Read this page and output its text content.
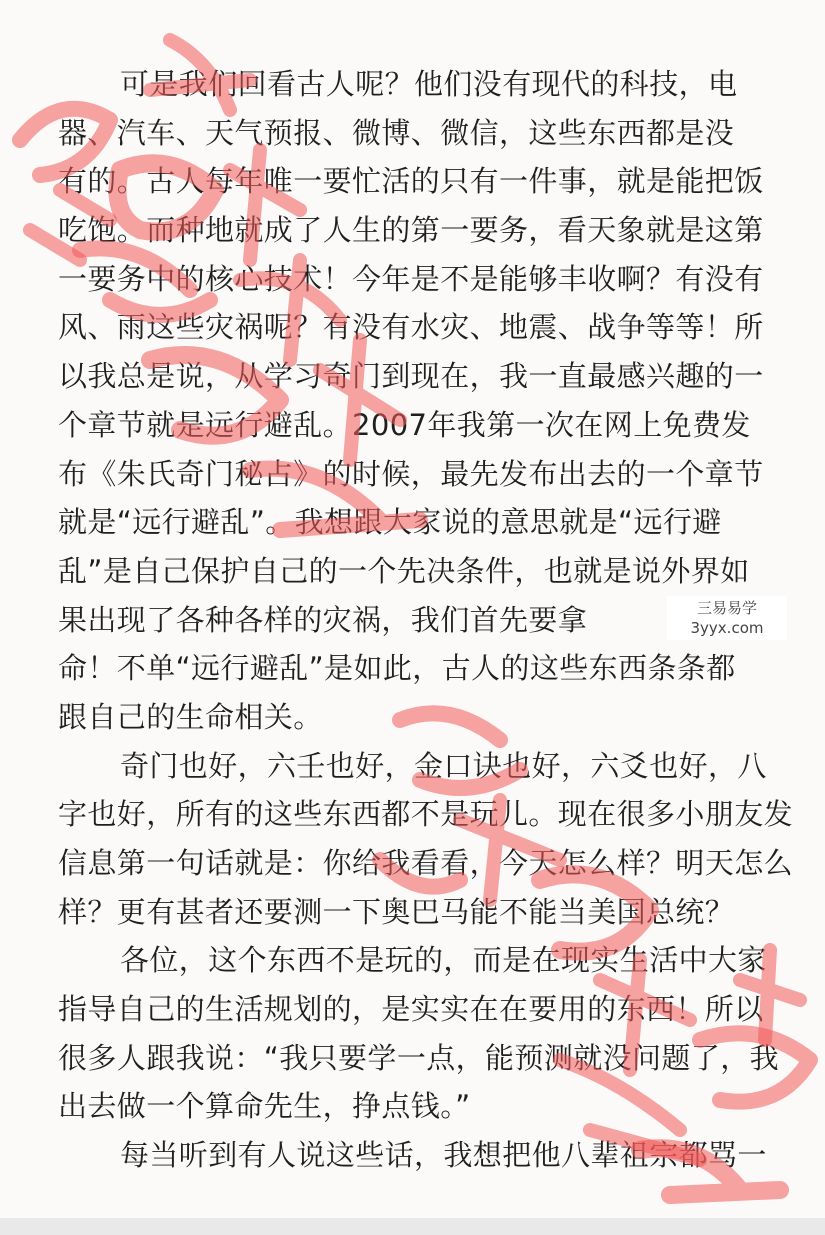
可是我们回看古人呢？他们没有现代的科技，电
器、汽车、天气预报、微博、微信，这些东西都是没
有的。古人每年唯一要忙活的只有一件事，就是能把饭
吃饱。而种地就成了人生的第一要务，看天象就是这第
一要务中的核心技术！今年是不是能够丰收啊？有没有
风、雨这些灾祸呢？有没有水灾、地震、战争等等！所
以我总是说，从学习奇门到现在，我一直最感兴趣的一
个章节就是远行避乱。2007年我第一次在网上免费发
布《朱氏奇门秘占》的时候，最先发布出去的一个章节
就是“远行避乱”。我想跟大家说的意思就是“远行避
乱”是自己保护自己的一个先决条件，也就是说外界如
果出现了各种各样的灾祸，我们首先要拿
命！不单“远行避乱”是如此，古人的这些东西条条都
跟自己的生命相关。
奇门也好，六壬也好，金口诀也好，六爻也好，八
字也好，所有的这些东西都不是玩儿。现在很多小朋友发
信息第一句话就是：你给我看看，今天怎么样？明天怎么
样？更有甚者还要测一下奥巴马能不能当美国总统？
各位，这个东西不是玩的，而是在现实生活中大家
指导自己的生活规划的，是实实在在要用的东西！所以
很多人跟我说：“我只要学一点，能预测就没问题了，我
出去做一个算命先生，挣点钱。”
每当听到有人说这些话，我想把他八辈祖宗都骂一
三易易学
3yyx.com
